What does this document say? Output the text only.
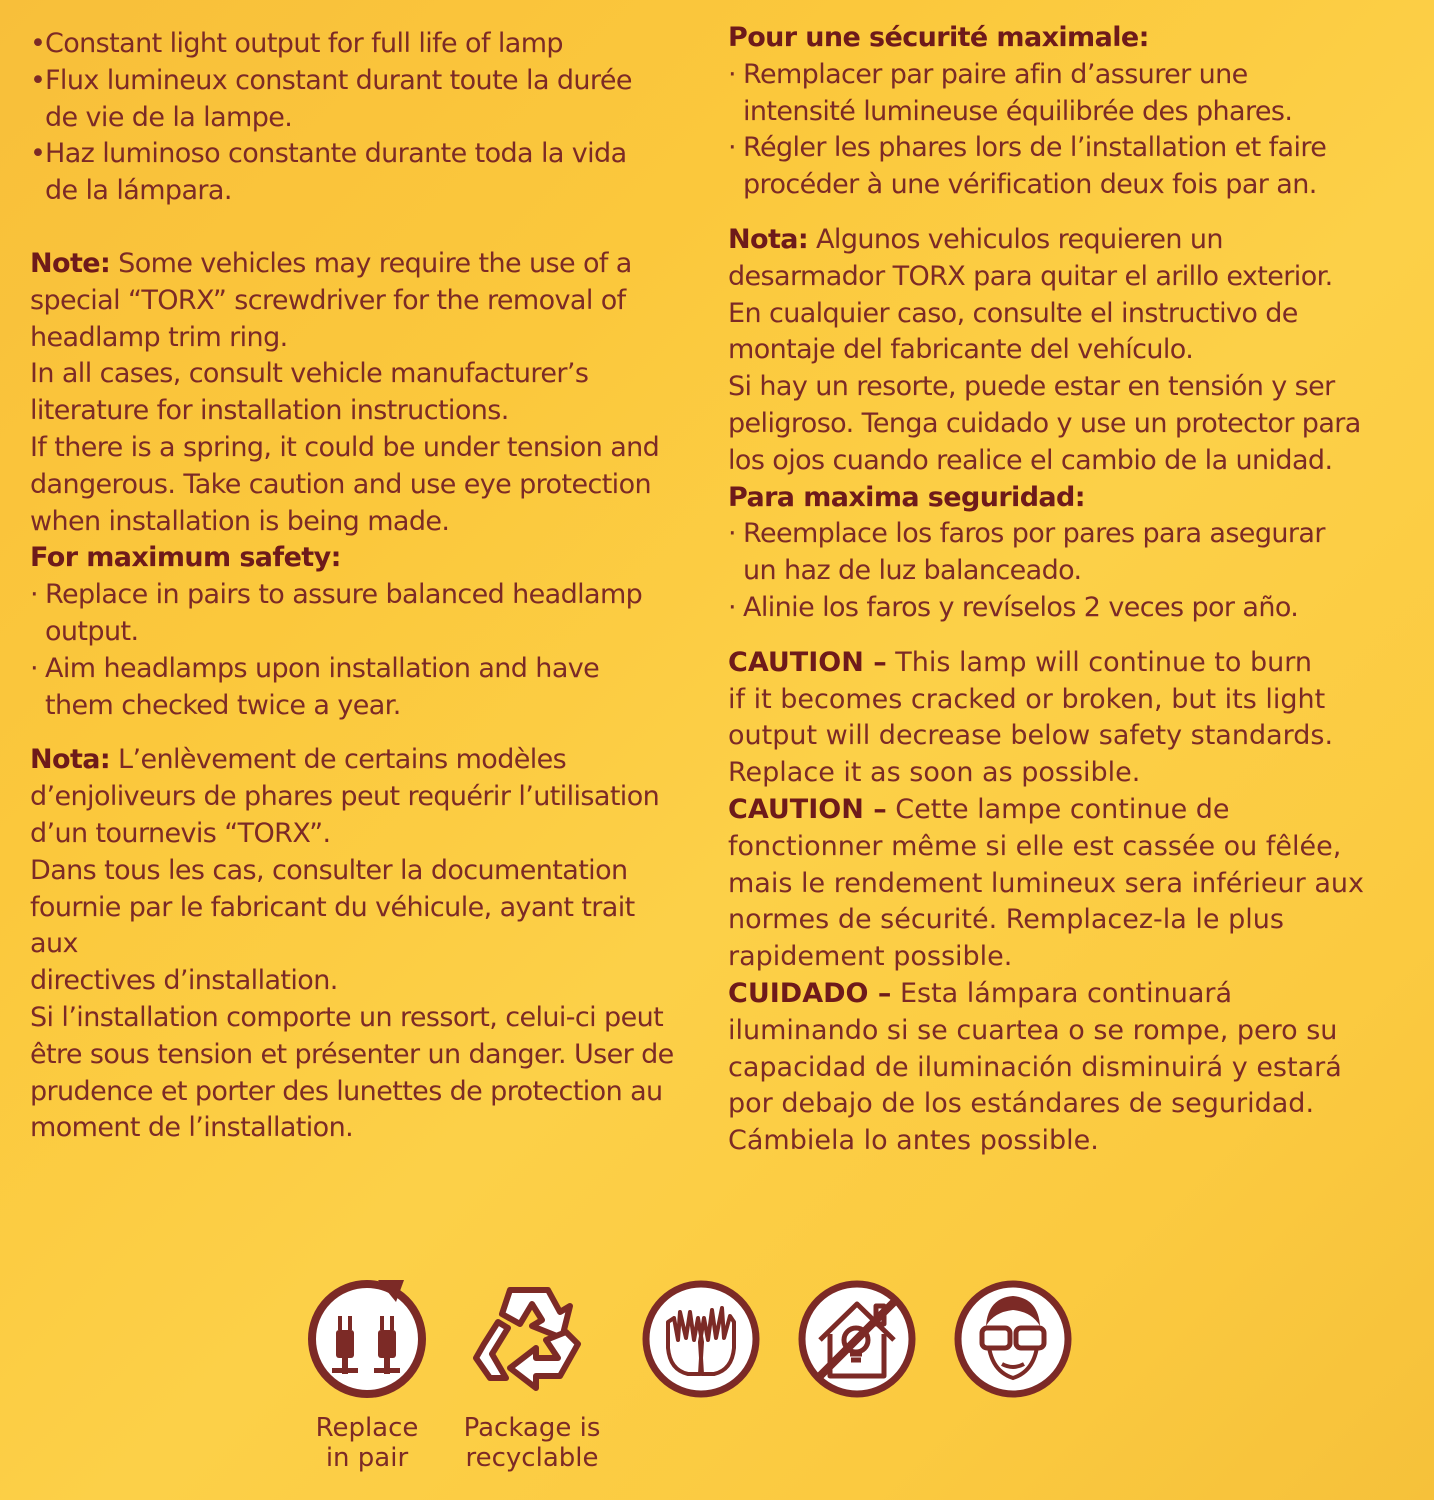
• Constant light output for full life of lamp

• Flux lumineux constant durant toute la durée

de vie de la lampe.

• Haz luminoso constante durante toda la vida

de la lámpara.

Note: Some vehicles may require the use of a

special “TORX” screwdriver for the removal of

headlamp trim ring.

In all cases, consult vehicle manufacturer’s

literature for installation instructions.

If there is a spring, it could be under tension and

dangerous. Take caution and use eye protection

when installation is being made.

For maximum safety:

· Replace in pairs to assure balanced headlamp

output.

· Aim headlamps upon installation and have

them checked twice a year.

Nota: L’enlèvement de certains modèles

d’enjoliveurs de phares peut requérir l’utilisation

d’un tournevis “TORX”.

Dans tous les cas, consulter la documentation

fournie par le fabricant du véhicule, ayant trait aux

directives d’installation.

Si l’installation comporte un ressort, celui-ci peut

être sous tension et présenter un danger. User de

prudence et porter des lunettes de protection au

moment de l’installation.

Pour une sécurité maximale:

· Remplacer par paire afin d’assurer une

intensité lumineuse équilibrée des phares.

· Régler les phares lors de l’installation et faire

procéder à une vérification deux fois par an.

Nota: Algunos vehiculos requieren un

desarmador TORX para quitar el arillo exterior.

En cualquier caso, consulte el instructivo de

montaje del fabricante del vehículo.

Si hay un resorte, puede estar en tensión y ser

peligroso. Tenga cuidado y use un protector para

los ojos cuando realice el cambio de la unidad.

Para maxima seguridad:

· Reemplace los faros por pares para asegurar

un haz de luz balanceado.

· Alinie los faros y revíselos 2 veces por año.

CAUTION – This lamp will continue to burn

if it becomes cracked or broken, but its light

output will decrease below safety standards.

Replace it as soon as possible.

CAUTION – Cette lampe continue de

fonctionner même si elle est cassée ou fêlée,

mais le rendement lumineux sera inférieur aux

normes de sécurité. Remplacez-la le plus

rapidement possible.

CUIDADO – Esta lámpara continuará

iluminando si se cuartea o se rompe, pero su

capacidad de iluminación disminuirá y estará

por debajo de los estándares de seguridad.

Cámbiela lo antes possible.

Replace
in pair
Package is
recyclable
